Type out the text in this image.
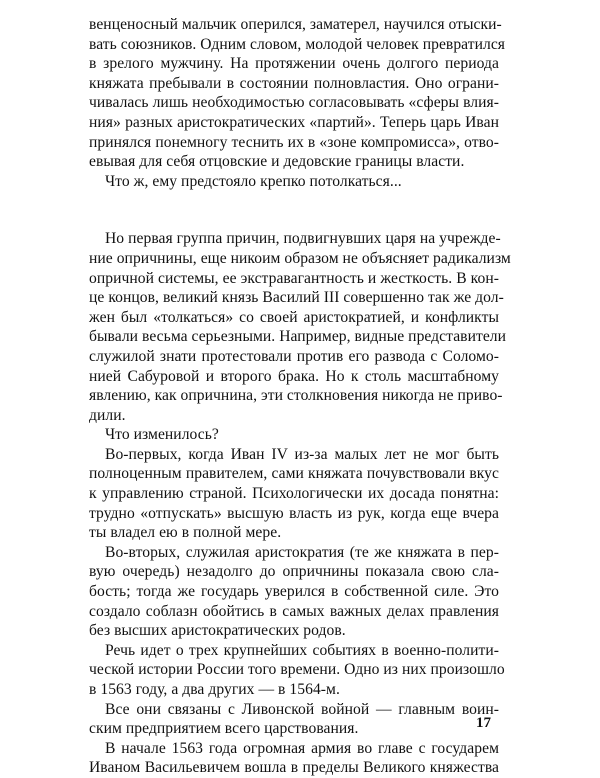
венценосный мальчик оперился, заматерел, научился отыски-
вать союзников. Одним словом, молодой человек превратился
в зрелого мужчину. На протяжении очень долгого периода
княжата пребывали в состоянии полновластия. Оно ограни-
чивалась лишь необходимостью согласовывать «сферы влия-
ния» разных аристократических «партий». Теперь царь Иван
принялся понемногу теснить их в «зоне компромисса», отво-
евывая для себя отцовские и дедовские границы власти.
Что ж, ему предстояло крепко потолкаться...
Но первая группа причин, подвигнувших царя на учрежде-
ние опричнины, еще никоим образом не объясняет радикализм
опричной системы, ее экстравагантность и жесткость. В кон-
це концов, великий князь Василий III совершенно так же дол-
жен был «толкаться» со своей аристократией, и конфликты
бывали весьма серьезными. Например, видные представители
служилой знати протестовали против его развода с Соломо-
нией Сабуровой и второго брака. Но к столь масштабному
явлению, как опричнина, эти столкновения никогда не приво-
дили.
Что изменилось?
Во-первых, когда Иван IV из-за малых лет не мог быть
полноценным правителем, сами княжата почувствовали вкус
к управлению страной. Психологически их досада понятна:
трудно «отпускать» высшую власть из рук, когда еще вчера
ты владел ею в полной мере.
Во-вторых, служилая аристократия (те же княжата в пер-
вую очередь) незадолго до опричнины показала свою сла-
бость; тогда же государь уверился в собственной силе. Это
создало соблазн обойтись в самых важных делах правления
без высших аристократических родов.
Речь идет о трех крупнейших событиях в военно-полити-
ческой истории России того времени. Одно из них произошло
в 1563 году, а два других — в 1564-м.
Все они связаны с Ливонской войной — главным воин-
ским предприятием всего царствования.
В начале 1563 года огромная армия во главе с государем
Иваном Васильевичем вошла в пределы Великого княжества
17
